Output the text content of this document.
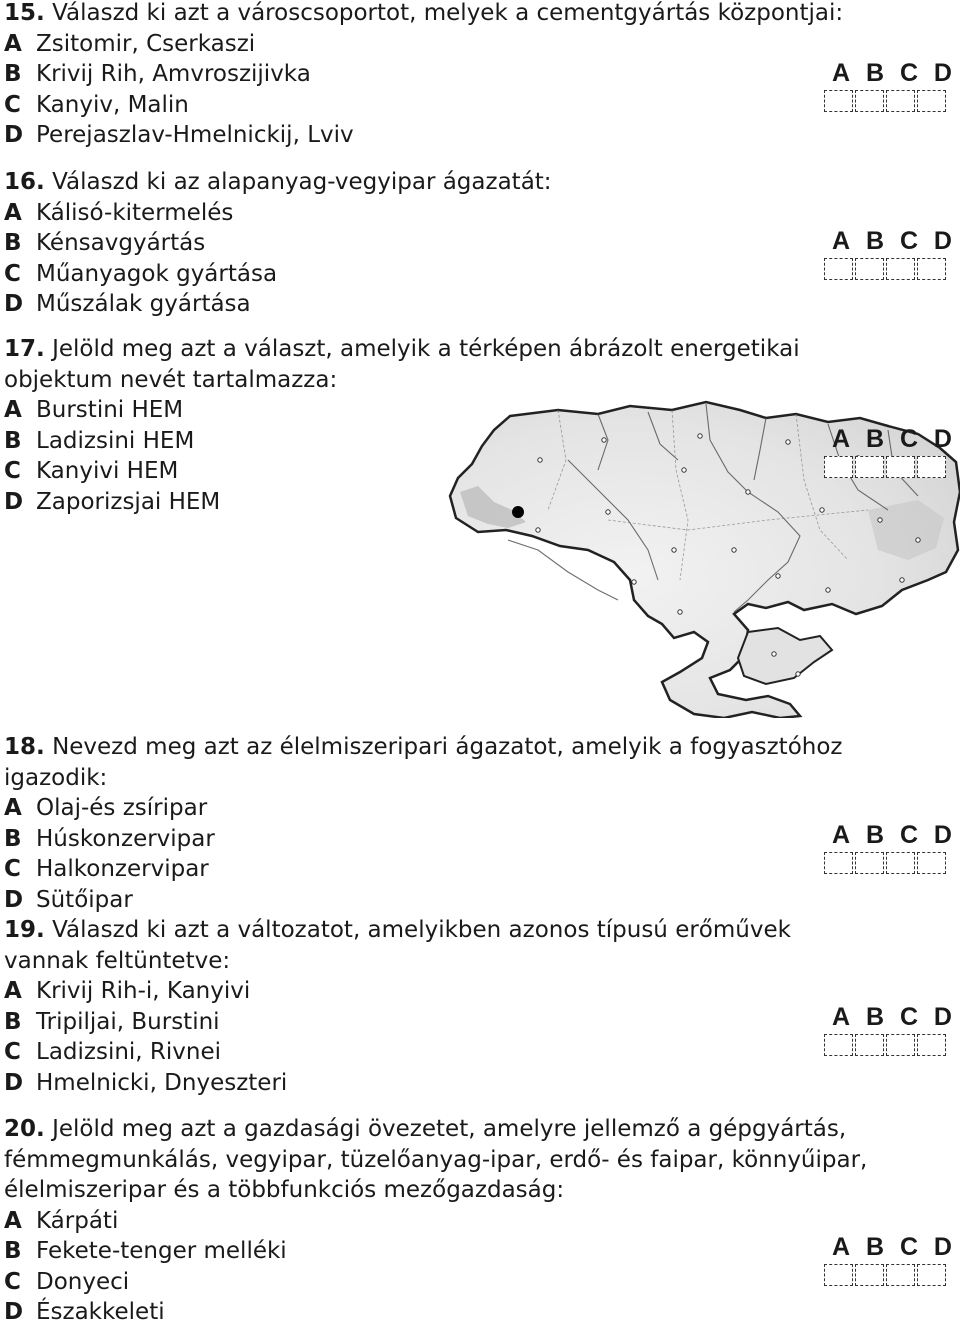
15. Válaszd ki azt a városcsoportot, melyek a cementgyártás központjai:
A Zsitomir, Cserkaszi
B Krivij Rih, Amvroszijivka
C Kanyiv, Malin
D Perejaszlav-Hmelnickij, Lviv
A B C D
16. Válaszd ki az alapanyag-vegyipar ágazatát:
A Kálisó-kitermelés
B Kénsavgyártás
C Műanyagok gyártása
D Műszálak gyártása
A B C D
17. Jelöld meg azt a választ, amelyik a térképen ábrázolt energetikai
objektum nevét tartalmazza:
A Burstini HEM
B Ladizsini HEM
C Kanyivi HEM
D Zaporizsjai HEM
A B C D
18. Nevezd meg azt az élelmiszeripari ágazatot, amelyik a fogyasztóhoz
igazodik:
A Olaj-és zsíripar
B Húskonzervipar
C Halkonzervipar
D Sütőipar
A B C D
19. Válaszd ki azt a változatot, amelyikben azonos típusú erőművek
vannak feltüntetve:
A Krivij Rih-i, Kanyivi
B Tripiljai, Burstini
C Ladizsini, Rivnei
D Hmelnicki, Dnyeszteri
A B C D
20. Jelöld meg azt a gazdasági övezetet, amelyre jellemző a gépgyártás,
fémmegmunkálás, vegyipar, tüzelőanyag-ipar, erdő- és faipar, könnyűipar,
élelmiszeripar és a többfunkciós mezőgazdaság:
A Kárpáti
B Fekete-tenger melléki
C Donyeci
D Északkeleti
A B C D
